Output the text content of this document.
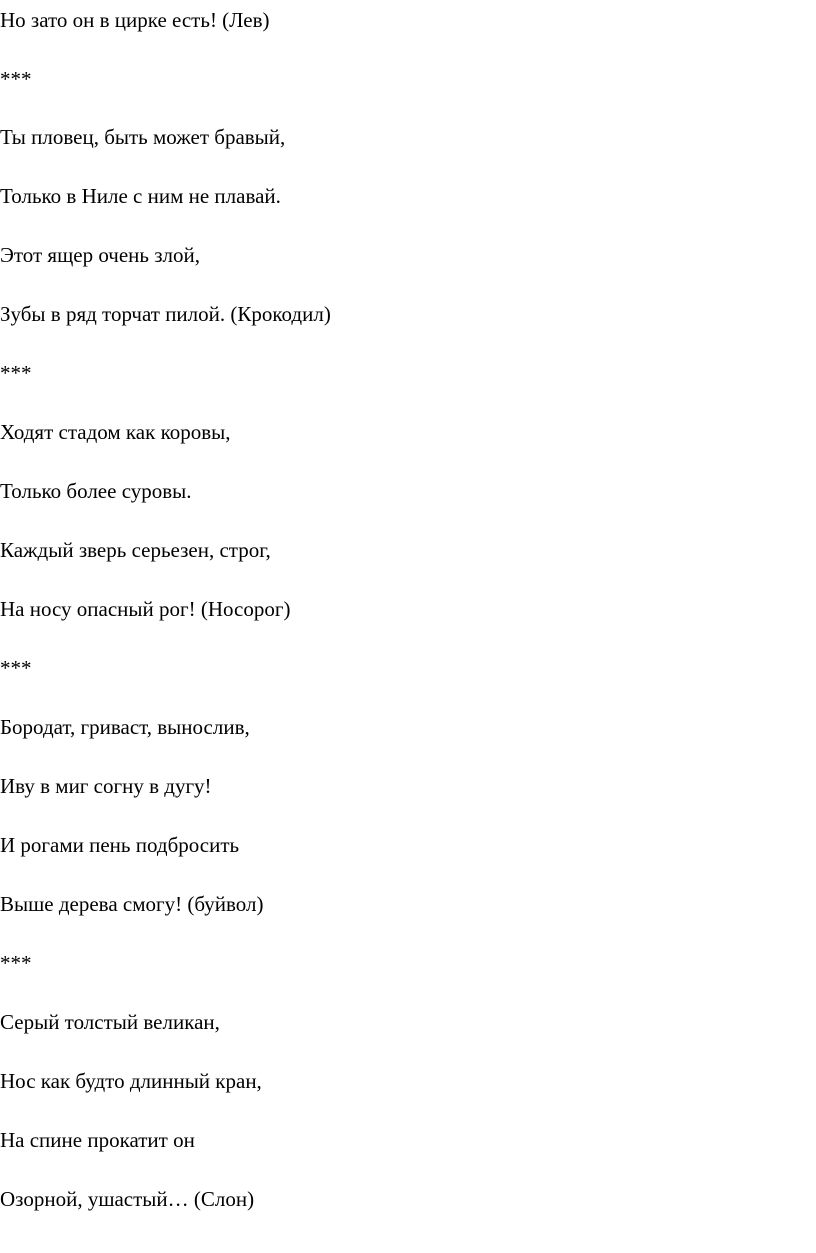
Но зато он в цирке есть! (Лев)

***

Ты пловец, быть может бравый,

Только в Ниле с ним не плавай.

Этот ящер очень злой,

Зубы в ряд торчат пилой. (Крокодил)

***

Ходят стадом как коровы,

Только более суровы.

Каждый зверь серьезен, строг,

На носу опасный рог! (Носорог)

***

Бородат, гриваст, вынослив,

Иву в миг согну в дугу!

И рогами пень подбросить

Выше дерева смогу! (буйвол)

***

Серый толстый великан,

Нос как будто длинный кран,

На спине прокатит он

Озорной, ушастый… (Слон)
